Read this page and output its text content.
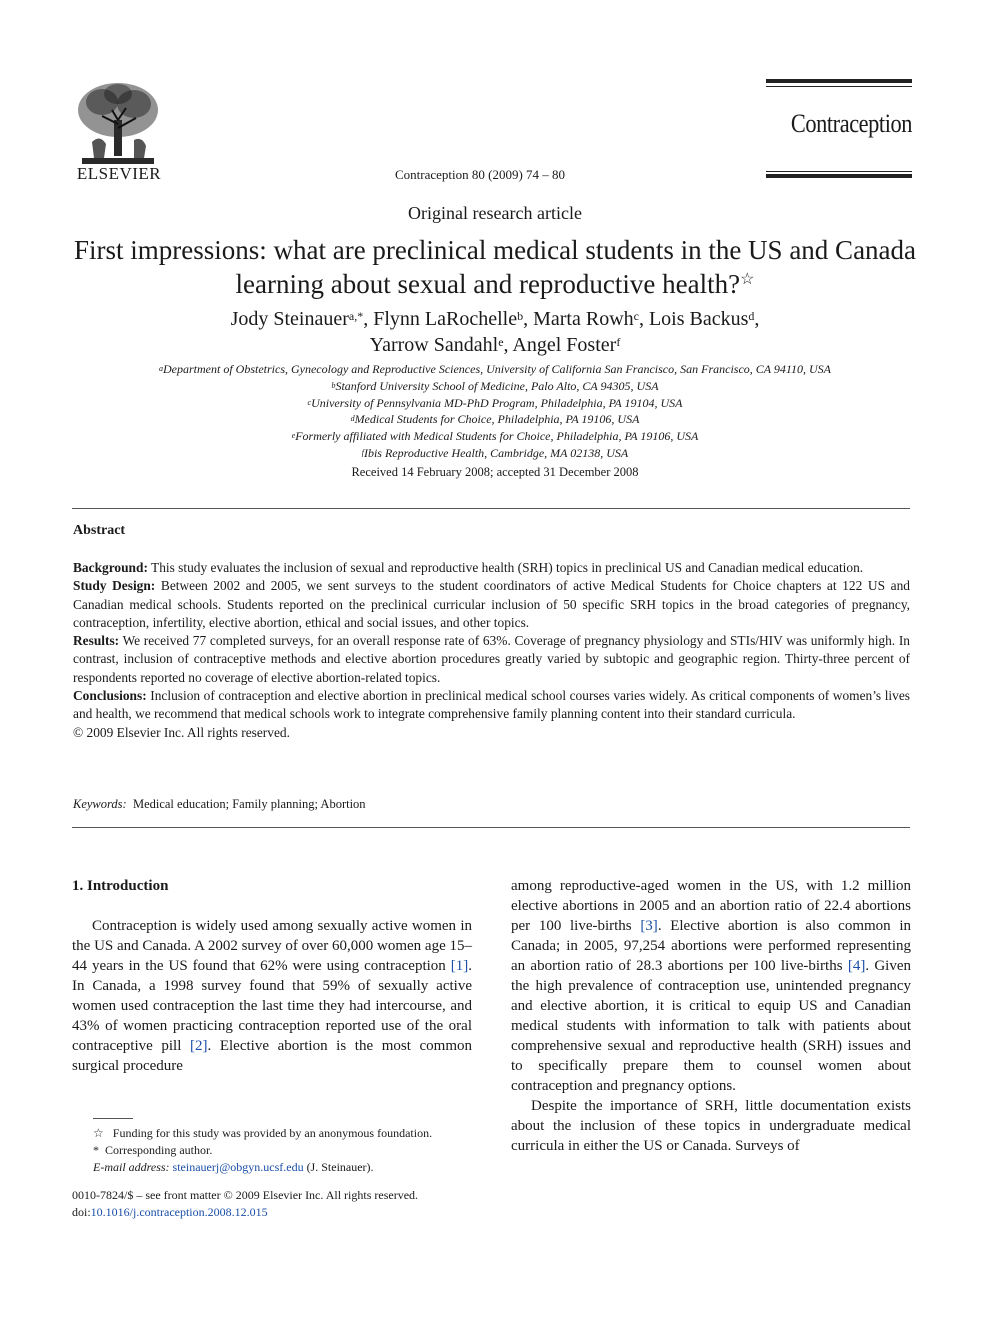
ELSEVIER	Contraception 80 (2009) 74 – 80
Contraception
Original research article
First impressions: what are preclinical medical students in the US and Canada learning about sexual and reproductive health?☆
Jody Steinauer$^{a,*}$, Flynn LaRochelle$^b$, Marta Rowh$^c$, Lois Backus$^d$,
Yarrow Sandahl$^e$, Angel Foster$^f$
$^a$Department of Obstetrics, Gynecology and Reproductive Sciences, University of California San Francisco, San Francisco, CA 94110, USA
$^b$Stanford University School of Medicine, Palo Alto, CA 94305, USA
$^c$University of Pennsylvania MD-PhD Program, Philadelphia, PA 19104, USA
$^d$Medical Students for Choice, Philadelphia, PA 19106, USA
$^e$Formerly affiliated with Medical Students for Choice, Philadelphia, PA 19106, USA
$^f$Ibis Reproductive Health, Cambridge, MA 02138, USA
Received 14 February 2008; accepted 31 December 2008
Abstract

Background: This study evaluates the inclusion of sexual and reproductive health (SRH) topics in preclinical US and Canadian medical education.

Study Design: Between 2002 and 2005, we sent surveys to the student coordinators of active Medical Students for Choice chapters at 122 US and Canadian medical schools. Students reported on the preclinical curricular inclusion of 50 specific SRH topics in the broad categories of pregnancy, contraception, infertility, elective abortion, ethical and social issues, and other topics.

Results: We received 77 completed surveys, for an overall response rate of 63%. Coverage of pregnancy physiology and STIs/HIV was uniformly high. In contrast, inclusion of contraceptive methods and elective abortion procedures greatly varied by subtopic and geographic region. Thirty-three percent of respondents reported no coverage of elective abortion-related topics.

Conclusions: Inclusion of contraception and elective abortion in preclinical medical school courses varies widely. As critical components of women’s lives and health, we recommend that medical schools work to integrate comprehensive family planning content into their standard curricula.

© 2009 Elsevier Inc. All rights reserved.

Keywords: Medical education; Family planning; Abortion

1. Introduction

Contraception is widely used among sexually active women in the US and Canada. A 2002 survey of over 60,000 women age 15–44 years in the US found that 62% were using contraception [1]. In Canada, a 1998 survey found that 59% of sexually active women used contraception the last time they had intercourse, and 43% of women practicing contraception reported use of the oral contraceptive pill [2]. Elective abortion is the most common surgical procedure

among reproductive-aged women in the US, with 1.2 million elective abortions in 2005 and an abortion ratio of 22.4 abortions per 100 live-births [3]. Elective abortion is also common in Canada; in 2005, 97,254 abortions were performed representing an abortion ratio of 28.3 abortions per 100 live-births [4]. Given the high prevalence of contraception use, unintended pregnancy and elective abortion, it is critical to equip US and Canadian medical students with information to talk with patients about comprehensive sexual and reproductive health (SRH) issues and to specifically prepare them to counsel women about contraception and pregnancy options.

Despite the importance of SRH, little documentation exists about the inclusion of these topics in undergraduate medical curricula in either the US or Canada. Surveys of

☆ Funding for this study was provided by an anonymous foundation.

* Corresponding author.

E-mail address: steinauerj@obgyn.ucsf.edu (J. Steinauer).

0010-7824/$ – see front matter © 2009 Elsevier Inc. All rights reserved.

doi:10.1016/j.contraception.2008.12.015
